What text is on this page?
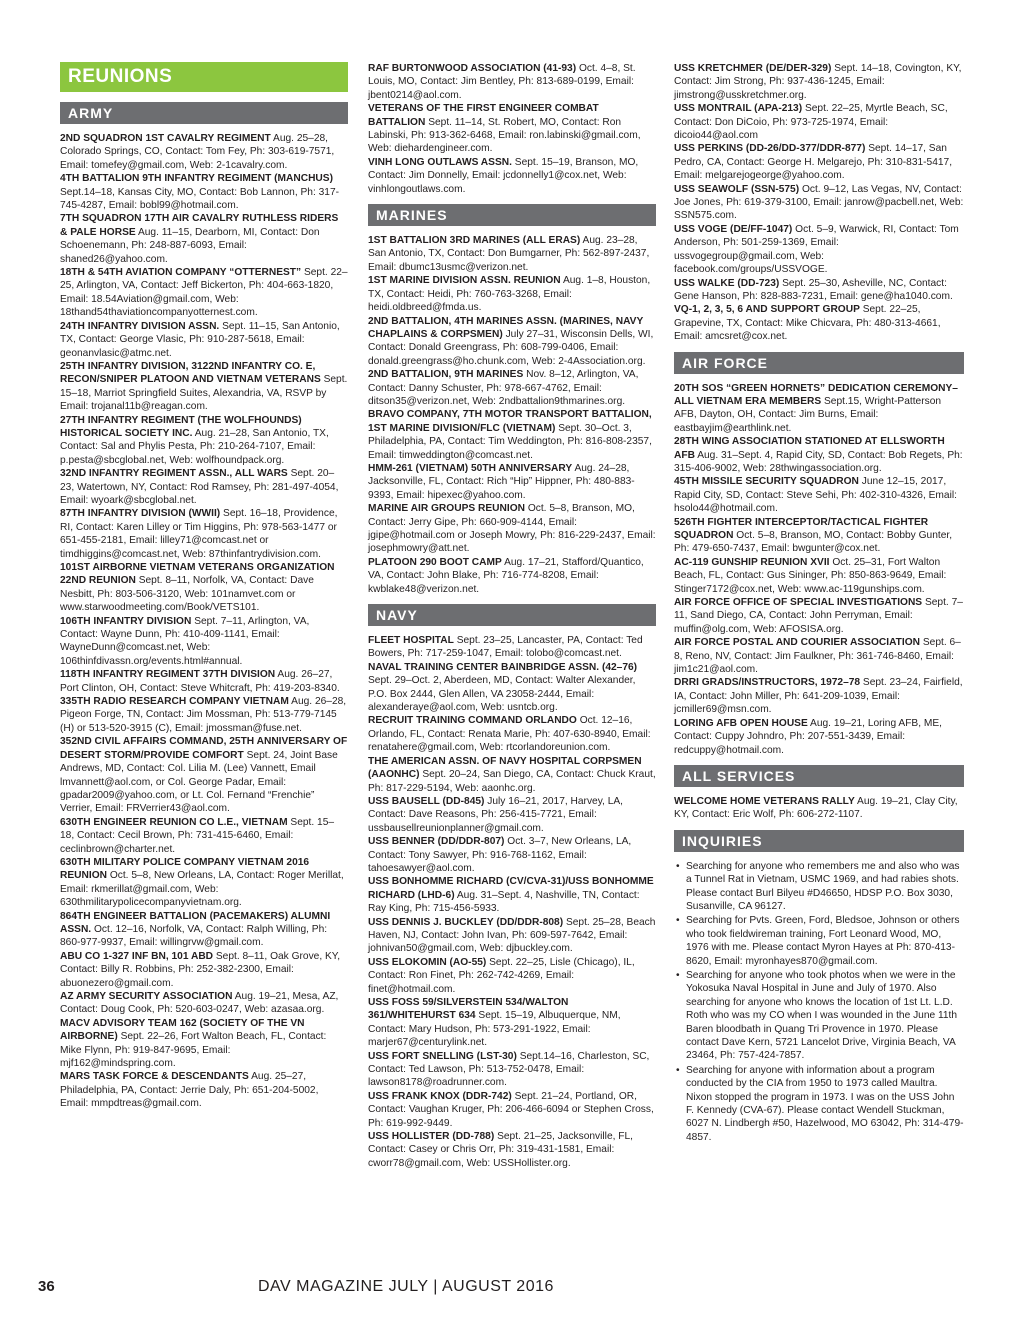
REUNIONS
ARMY

2ND SQUADRON 1ST CAVALRY REGIMENT Aug. 25–28, Colorado Springs, CO, Contact: Tom Fey, Ph: 303-619-7571, Email: tomefey@gmail.com, Web: 2-1cavalry.com.

4TH BATTALION 9TH INFANTRY REGIMENT (MANCHUS) Sept.14–18, Kansas City, MO, Contact: Bob Lannon, Ph: 317-745-4287, Email: bobl99@hotmail.com.

7TH SQUADRON 17TH AIR CAVALRY RUTHLESS RIDERS & PALE HORSE Aug. 11–15, Dearborn, MI, Contact: Don Schoenemann, Ph: 248-887-6093, Email: shaned26@yahoo.com.

18TH & 54TH AVIATION COMPANY “OTTERNEST” Sept. 22–25, Arlington, VA, Contact: Jeff Bickerton, Ph: 404-663-1820, Email: 18.54Aviation@gmail.com, Web: 18thand54thaviationcompanyotternest.com.

24TH INFANTRY DIVISION ASSN. Sept. 11–15, San Antonio, TX, Contact: George Vlasic, Ph: 910-287-5618, Email: geonanvlasic@atmc.net.

25TH INFANTRY DIVISION, 3122ND INFANTRY CO. E, RECON/SNIPER PLATOON AND VIETNAM VETERANS Sept. 15–18, Marriot Springfield Suites, Alexandria, VA, RSVP by Email: trojanal11b@reagan.com.

27TH INFANTRY REGIMENT (THE WOLFHOUNDS) HISTORICAL SOCIETY INC. Aug. 21–28, San Antonio, TX, Contact: Sal and Phylis Pesta, Ph: 210-264-7107, Email: p.pesta@sbcglobal.net, Web: wolfhoundpack.org.

32ND INFANTRY REGIMENT ASSN., ALL WARS Sept. 20–23, Watertown, NY, Contact: Rod Ramsey, Ph: 281-497-4054, Email: wyoark@sbcglobal.net.

87TH INFANTRY DIVISION (WWII) Sept. 16–18, Providence, RI, Contact: Karen Lilley or Tim Higgins, Ph: 978-563-1477 or 651-455-2181, Email: lilley71@comcast.net or timdhiggins@comcast.net, Web: 87thinfantrydivision.com.

101ST AIRBORNE VIETNAM VETERANS ORGANIZATION 22ND REUNION Sept. 8–11, Norfolk, VA, Contact: Dave Nesbitt, Ph: 803-506-3120, Web: 101namvet.com or www.starwoodmeeting.com/Book/VETS101.

106TH INFANTRY DIVISION Sept. 7–11, Arlington, VA, Contact: Wayne Dunn, Ph: 410-409-1141, Email: WayneDunn@comcast.net, Web: 106thinfdivassn.org/events.html#annual.

118TH INFANTRY REGIMENT 37TH DIVISION Aug. 26–27, Port Clinton, OH, Contact: Steve Whitcraft, Ph: 419-203-8340.

335TH RADIO RESEARCH COMPANY VIETNAM Aug. 26–28, Pigeon Forge, TN, Contact: Jim Mossman, Ph: 513-779-7145 (H) or 513-520-3915 (C), Email: jmossman@fuse.net.

352ND CIVIL AFFAIRS COMMAND, 25TH ANNIVERSARY OF DESERT STORM/PROVIDE COMFORT Sept. 24, Joint Base Andrews, MD, Contact: Col. Lilia M. (Lee) Vannett, Email lmvannett@aol.com, or Col. George Padar, Email: gpadar2009@yahoo.com, or Lt. Col. Fernand “Frenchie” Verrier, Email: FRVerrier43@aol.com.

630TH ENGINEER REUNION CO L.E., VIETNAM Sept. 15–18, Contact: Cecil Brown, Ph: 731-415-6460, Email: ceclinbrown@charter.net.

630TH MILITARY POLICE COMPANY VIETNAM 2016 REUNION Oct. 5–8, New Orleans, LA, Contact: Roger Merillat, Email: rkmerillat@gmail.com, Web: 630thmilitarypolicecompanyvietnam.org.

864TH ENGINEER BATTALION (PACEMAKERS) ALUMNI ASSN. Oct. 12–16, Norfolk, VA, Contact: Ralph Willing, Ph: 860-977-9937, Email: willingrvw@gmail.com.

ABU CO 1-327 INF BN, 101 ABD Sept. 8–11, Oak Grove, KY, Contact: Billy R. Robbins, Ph: 252-382-2300, Email: abuonezero@gmail.com.

AZ ARMY SECURITY ASSOCIATION Aug. 19–21, Mesa, AZ, Contact: Doug Cook, Ph: 520-603-0247, Web: azasaa.org.

MACV ADVISORY TEAM 162 (SOCIETY OF THE VN AIRBORNE) Sept. 22–26, Fort Walton Beach, FL, Contact: Mike Flynn, Ph: 919-847-9695, Email: mjf162@mindspring.com.

MARS TASK FORCE & DESCENDANTS Aug. 25–27, Philadelphia, PA, Contact: Jerrie Daly, Ph: 651-204-5002, Email: mmpdtreas@gmail.com.

RAF BURTONWOOD ASSOCIATION (41-93) Oct. 4–8, St. Louis, MO, Contact: Jim Bentley, Ph: 813-689-0199, Email: jbent0214@aol.com.

VETERANS OF THE FIRST ENGINEER COMBAT BATTALION Sept. 11–14, St. Robert, MO, Contact: Ron Labinski, Ph: 913-362-6468, Email: ron.labinski@gmail.com, Web: diehardengineer.com.

VINH LONG OUTLAWS ASSN. Sept. 15–19, Branson, MO, Contact: Jim Donnelly, Email: jcdonnelly1@cox.net, Web: vinhlongoutlaws.com.

MARINES

1ST BATTALION 3RD MARINES (ALL ERAS) Aug. 23–28, San Antonio, TX, Contact: Don Bumgarner, Ph: 562-897-2437, Email: dbumc13usmc@verizon.net.

1ST MARINE DIVISION ASSN. REUNION Aug. 1–8, Houston, TX, Contact: Heidi, Ph: 760-763-3268, Email: heidi.oldbreed@fmda.us.

2ND BATTALION, 4TH MARINES ASSN. (MARINES, NAVY CHAPLAINS & CORPSMEN) July 27–31, Wisconsin Dells, WI, Contact: Donald Greengrass, Ph: 608-799-0406, Email: donald.greengrass@ho.chunk.com, Web: 2-4Association.org.

2ND BATTALION, 9TH MARINES Nov. 8–12, Arlington, VA, Contact: Danny Schuster, Ph: 978-667-4762, Email: ditson35@verizon.net, Web: 2ndbattalion9thmarines.org.

BRAVO COMPANY, 7TH MOTOR TRANSPORT BATTALION, 1ST MARINE DIVISION/FLC (VIETNAM) Sept. 30–Oct. 3, Philadelphia, PA, Contact: Tim Weddington, Ph: 816-808-2357, Email: timweddington@comcast.net.

HMM-261 (VIETNAM) 50TH ANNIVERSARY Aug. 24–28, Jacksonville, FL, Contact: Rich “Hip” Hippner, Ph: 480-883-9393, Email: hipexec@yahoo.com.

MARINE AIR GROUPS REUNION Oct. 5–8, Branson, MO, Contact: Jerry Gipe, Ph: 660-909-4144, Email: jgipe@hotmail.com or Joseph Mowry, Ph: 816-229-2437, Email: josephmowry@att.net.

PLATOON 290 BOOT CAMP Aug. 17–21, Stafford/Quantico, VA, Contact: John Blake, Ph: 716-774-8208, Email: kwblake48@verizon.net.

NAVY

FLEET HOSPITAL Sept. 23–25, Lancaster, PA, Contact: Ted Bowers, Ph: 717-259-1047, Email: tolobo@comcast.net.

NAVAL TRAINING CENTER BAINBRIDGE ASSN. (42–76) Sept. 29–Oct. 2, Aberdeen, MD, Contact: Walter Alexander, P.O. Box 2444, Glen Allen, VA 23058-2444, Email: alexanderaye@aol.com, Web: usntcb.org.

RECRUIT TRAINING COMMAND ORLANDO Oct. 12–16, Orlando, FL, Contact: Renata Marie, Ph: 407-630-8940, Email: renatahere@gmail.com, Web: rtcorlandoreunion.com.

THE AMERICAN ASSN. OF NAVY HOSPITAL CORPSMEN (AAONHC) Sept. 20–24, San Diego, CA, Contact: Chuck Kraut, Ph: 817-229-5194, Web: aaonhc.org.

USS BAUSELL (DD-845) July 16–21, 2017, Harvey, LA, Contact: Dave Reasons, Ph: 256-415-7721, Email: ussbausellreunionplanner@gmail.com.

USS BENNER (DD/DDR-807) Oct. 3–7, New Orleans, LA, Contact: Tony Sawyer, Ph: 916-768-1162, Email: tahoesawyer@aol.com.

USS BONHOMME RICHARD (CV/CVA-31)/USS BONHOMME RICHARD (LHD-6) Aug. 31–Sept. 4, Nashville, TN, Contact: Ray King, Ph: 715-456-5933.

USS DENNIS J. BUCKLEY (DD/DDR-808) Sept. 25–28, Beach Haven, NJ, Contact: John Ivan, Ph: 609-597-7642, Email: johnivan50@gmail.com, Web: djbuckley.com.

USS ELOKOMIN (AO-55) Sept. 22–25, Lisle (Chicago), IL, Contact: Ron Finet, Ph: 262-742-4269, Email: finet@hotmail.com.

USS FOSS 59/SILVERSTEIN 534/WALTON 361/WHITEHURST 634 Sept. 15–19, Albuquerque, NM, Contact: Mary Hudson, Ph: 573-291-1922, Email: marjer67@centurylink.net.

USS FORT SNELLING (LST-30) Sept.14–16, Charleston, SC, Contact: Ted Lawson, Ph: 513-752-0478, Email: lawson8178@roadrunner.com.

USS FRANK KNOX (DDR-742) Sept. 21–24, Portland, OR, Contact: Vaughan Kruger, Ph: 206-466-6094 or Stephen Cross, Ph: 619-992-9449.

USS HOLLISTER (DD-788) Sept. 21–25, Jacksonville, FL, Contact: Casey or Chris Orr, Ph: 319-431-1581, Email: cworr78@gmail.com, Web: USSHollister.org.

USS KRETCHMER (DE/DER-329) Sept. 14–18, Covington, KY, Contact: Jim Strong, Ph: 937-436-1245, Email: jimstrong@usskretchmer.org.

USS MONTRAIL (APA-213) Sept. 22–25, Myrtle Beach, SC, Contact: Don DiCoio, Ph: 973-725-1974, Email: dicoio44@aol.com

USS PERKINS (DD-26/DD-377/DDR-877) Sept. 14–17, San Pedro, CA, Contact: George H. Melgarejo, Ph: 310-831-5417, Email: melgarejogeorge@yahoo.com.

USS SEAWOLF (SSN-575) Oct. 9–12, Las Vegas, NV, Contact: Joe Jones, Ph: 619-379-3100, Email: janrow@pacbell.net, Web: SSN575.com.

USS VOGE (DE/FF-1047) Oct. 5–9, Warwick, RI, Contact: Tom Anderson, Ph: 501-259-1369, Email: ussvogegroup@gmail.com, Web: facebook.com/groups/USSVOGE.

USS WALKE (DD-723) Sept. 25–30, Asheville, NC, Contact: Gene Hanson, Ph: 828-883-7231, Email: gene@ha1040.com.

VQ-1, 2, 3, 5, 6 AND SUPPORT GROUP Sept. 22–25, Grapevine, TX, Contact: Mike Chicvara, Ph: 480-313-4661, Email: amcsret@cox.net.

AIR FORCE

20TH SOS “GREEN HORNETS” DEDICATION CEREMONY–ALL VIETNAM ERA MEMBERS Sept.15, Wright-Patterson AFB, Dayton, OH, Contact: Jim Burns, Email: eastbayjim@earthlink.net.

28TH WING ASSOCIATION STATIONED AT ELLSWORTH AFB Aug. 31–Sept. 4, Rapid City, SD, Contact: Bob Regets, Ph: 315-406-9002, Web: 28thwingassociation.org.

45TH MISSILE SECURITY SQUADRON June 12–15, 2017, Rapid City, SD, Contact: Steve Sehi, Ph: 402-310-4326, Email: hsolo44@hotmail.com.

526TH FIGHTER INTERCEPTOR/TACTICAL FIGHTER SQUADRON Oct. 5–8, Branson, MO, Contact: Bobby Gunter, Ph: 479-650-7437, Email: bwgunter@cox.net.

AC-119 GUNSHIP REUNION XVII Oct. 25–31, Fort Walton Beach, FL, Contact: Gus Sininger, Ph: 850-863-9649, Email: Stinger7172@cox.net, Web: www.ac-119gunships.com.

AIR FORCE OFFICE OF SPECIAL INVESTIGATIONS Sept. 7–11, Sand Diego, CA, Contact: John Perryman, Email: muffin@olg.com, Web: AFOSISA.org.

AIR FORCE POSTAL AND COURIER ASSOCIATION Sept. 6–8, Reno, NV, Contact: Jim Faulkner, Ph: 361-746-8460, Email: jim1c21@aol.com.

DRRI GRADS/INSTRUCTORS, 1972–78 Sept. 23–24, Fairfield, IA, Contact: John Miller, Ph: 641-209-1039, Email: jcmiller69@msn.com.

LORING AFB OPEN HOUSE Aug. 19–21, Loring AFB, ME, Contact: Cuppy Johndro, Ph: 207-551-3439, Email: redcuppy@hotmail.com.

ALL SERVICES

WELCOME HOME VETERANS RALLY Aug. 19–21, Clay City, KY, Contact: Eric Wolf, Ph: 606-272-1107.

INQUIRIES
• Searching for anyone who remembers me and also who was a Tunnel Rat in Vietnam, USMC 1969, and had rabies shots. Please contact Burl Bilyeu #D46650, HDSP P.O. Box 3030, Susanville, CA 96127.
• Searching for Pvts. Green, Ford, Bledsoe, Johnson or others who took fieldwireman training, Fort Leonard Wood, MO, 1976 with me. Please contact Myron Hayes at Ph: 870-413-8620, Email: myronhayes870@gmail.com.
• Searching for anyone who took photos when we were in the Yokosuka Naval Hospital in June and July of 1970. Also searching for anyone who knows the location of 1st Lt. L.D. Roth who was my CO when I was wounded in the June 11th Baren bloodbath in Quang Tri Provence in 1970. Please contact Dave Kern, 5721 Lancelot Drive, Virginia Beach, VA 23464, Ph: 757-424-7857.
• Searching for anyone with information about a program conducted by the CIA from 1950 to 1973 called Maultra. Nixon stopped the program in 1973. I was on the USS John F. Kennedy (CVA-67). Please contact Wendell Stuckman, 6027 N. Lindbergh #50, Hazelwood, MO 63042, Ph: 314-479-4857.
36	DAV MAGAZINE JULY | AUGUST 2016
